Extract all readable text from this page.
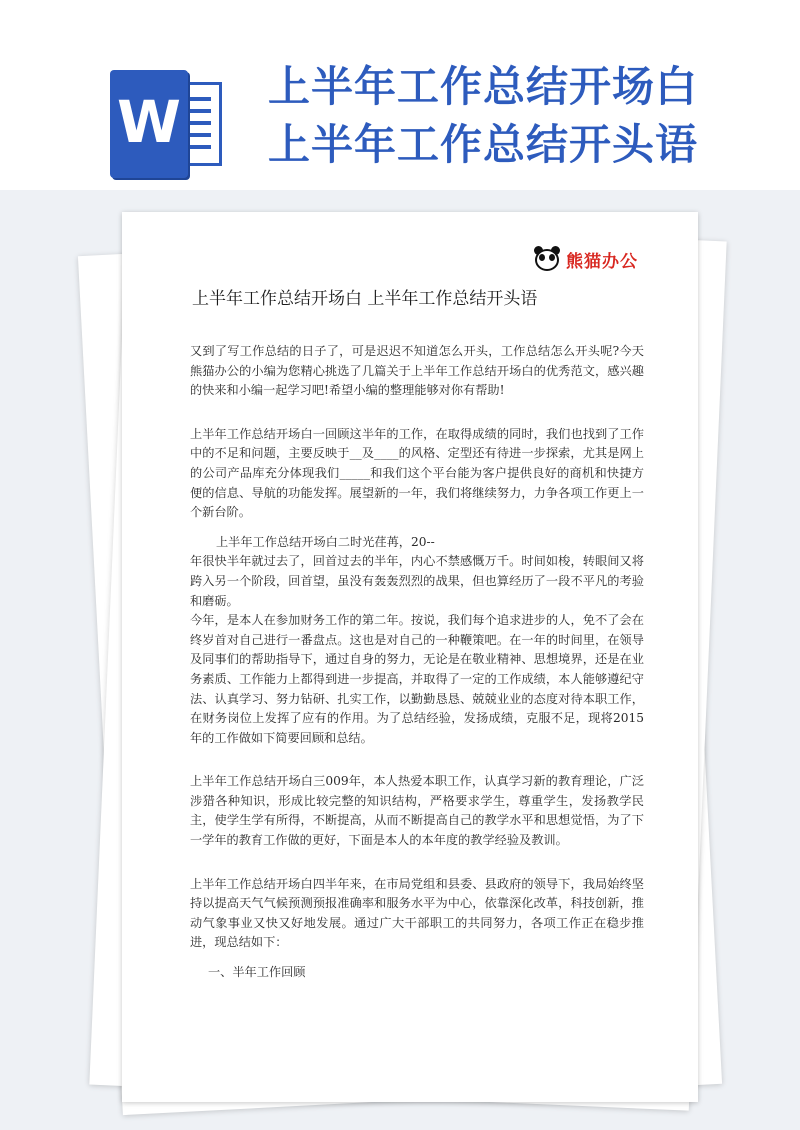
W
上半年工作总结开场白
上半年工作总结开头语
熊猫办公
上半年工作总结开场白 上半年工作总结开头语

又到了写工作总结的日子了，可是迟迟不知道怎么开头，工作总结怎么开头呢?今天熊猫办公的小编为您精心挑选了几篇关于上半年工作总结开场白的优秀范文，感兴趣的快来和小编一起学习吧!希望小编的整理能够对你有帮助!

上半年工作总结开场白一回顾这半年的工作，在取得成绩的同时，我们也找到了工作中的不足和问题，主要反映于__及____的风格、定型还有待进一步探索，尤其是网上的公司产品库充分体现我们_____和我们这个平台能为客户提供良好的商机和快捷方便的信息、导航的功能发挥。展望新的一年，我们将继续努力，力争各项工作更上一个新台阶。

上半年工作总结开场白二时光荏苒，20--

年很快半年就过去了，回首过去的半年，内心不禁感慨万千。时间如梭，转眼间又将跨入另一个阶段，回首望，虽没有轰轰烈烈的战果，但也算经历了一段不平凡的考验和磨砺。

今年，是本人在参加财务工作的第二年。按说，我们每个追求进步的人，免不了会在终岁首对自己进行一番盘点。这也是对自己的一种鞭策吧。在一年的时间里，在领导及同事们的帮助指导下，通过自身的努力，无论是在敬业精神、思想境界，还是在业务素质、工作能力上都得到进一步提高，并取得了一定的工作成绩，本人能够遵纪守法、认真学习、努力钻研、扎实工作，以勤勤恳恳、兢兢业业的态度对待本职工作，在财务岗位上发挥了应有的作用。为了总结经验，发扬成绩，克服不足，现将2015年的工作做如下简要回顾和总结。

上半年工作总结开场白三009年，本人热爱本职工作，认真学习新的教育理论，广泛涉猎各种知识，形成比较完整的知识结构，严格要求学生，尊重学生，发扬教学民主，使学生学有所得，不断提高，从而不断提高自己的教学水平和思想觉悟，为了下一学年的教育工作做的更好，下面是本人的本年度的教学经验及教训。

上半年工作总结开场白四半年来，在市局党组和县委、县政府的领导下，我局始终坚持以提高天气气候预测预报准确率和服务水平为中心，依靠深化改革，科技创新，推动气象事业又快又好地发展。通过广大干部职工的共同努力，各项工作正在稳步推进，现总结如下：

一、半年工作回顾
